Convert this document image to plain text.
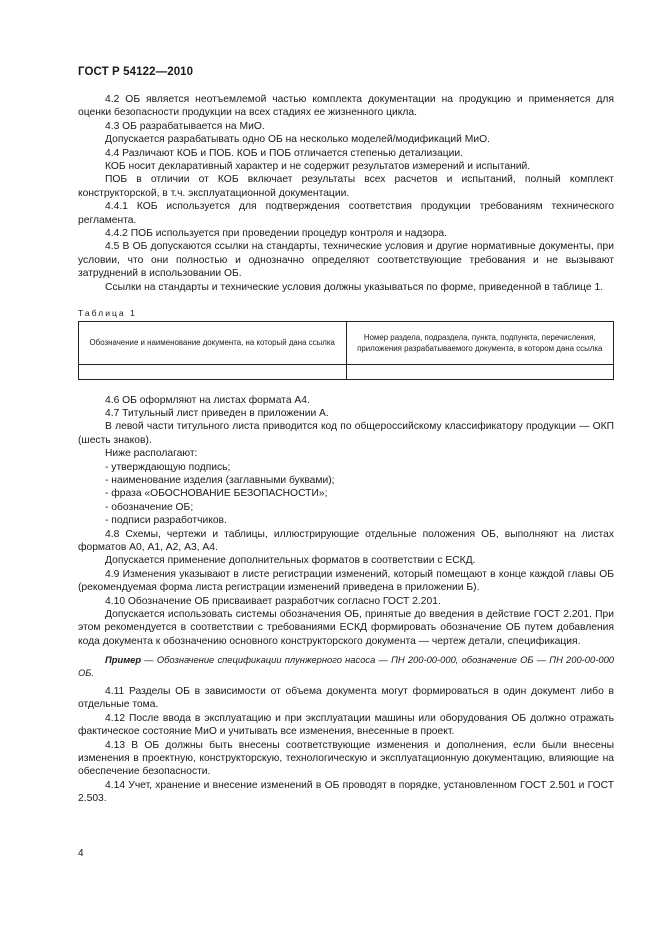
ГОСТ Р 54122—2010

4.2 ОБ является неотъемлемой частью комплекта документации на продукцию и применяется для оценки безопасности продукции на всех стадиях ее жизненного цикла.

4.3 ОБ разрабатывается на МиО.

Допускается разрабатывать одно ОБ на несколько моделей/модификаций МиО.

4.4 Различают КОБ и ПОБ. КОБ и ПОБ отличается степенью детализации.

КОБ носит декларативный характер и не содержит результатов измерений и испытаний.

ПОБ в отличии от КОБ включает результаты всех расчетов и испытаний, полный комплект конструкторской, в т.ч. эксплуатационной документации.

4.4.1 КОБ используется для подтверждения соответствия продукции требованиям технического регламента.

4.4.2 ПОБ используется при проведении процедур контроля и надзора.

4.5 В ОБ допускаются ссылки на стандарты, технические условия и другие нормативные документы, при условии, что они полностью и однозначно определяют соответствующие требования и не вызывают затруднений в использовании ОБ.

Ссылки на стандарты и технические условия должны указываться по форме, приведенной в таблице 1.

Таблица 1

Обозначение и наименование документа, на который дана ссылка	Номер раздела, подраздела, пункта, подпункта, перечисления, приложения разрабатываемого документа, в котором дана ссылка

4.6 ОБ оформляют на листах формата А4.

4.7 Титульный лист приведен в приложении А.

В левой части титульного листа приводится код по общероссийскому классификатору продукции — ОКП (шесть знаков).

Ниже располагают:

- утверждающую подпись;

- наименование изделия (заглавными буквами);

- фраза «ОБОСНОВАНИЕ БЕЗОПАСНОСТИ»;

- обозначение ОБ;

- подписи разработчиков.

4.8 Схемы, чертежи и таблицы, иллюстрирующие отдельные положения ОБ, выполняют на листах форматов А0, А1, А2, А3, А4.

Допускается применение дополнительных форматов в соответствии с ЕСКД.

4.9 Изменения указывают в листе регистрации изменений, который помещают в конце каждой главы ОБ (рекомендуемая форма листа регистрации изменений приведена в приложении Б).

4.10 Обозначение ОБ присваивает разработчик согласно ГОСТ 2.201.

Допускается использовать системы обозначения ОБ, принятые до введения в действие ГОСТ 2.201. При этом рекомендуется в соответствии с требованиями ЕСКД формировать обозначение ОБ путем добавления кода документа к обозначению основного конструкторского документа — чертеж детали, спецификация.

Пример — Обозначение спецификации плунжерного насоса — ПН 200-00-000, обозначение ОБ — ПН 200-00-000 ОБ.

4.11 Разделы ОБ в зависимости от объема документа могут формироваться в один документ либо в отдельные тома.

4.12 После ввода в эксплуатацию и при эксплуатации машины или оборудования ОБ должно отражать фактическое состояние МиО и учитывать все изменения, внесенные в проект.

4.13 В ОБ должны быть внесены соответствующие изменения и дополнения, если были внесены изменения в проектную, конструкторскую, технологическую и эксплуатационную документацию, влияющие на обеспечение безопасности.

4.14 Учет, хранение и внесение изменений в ОБ проводят в порядке, установленном ГОСТ 2.501 и ГОСТ 2.503.

4
